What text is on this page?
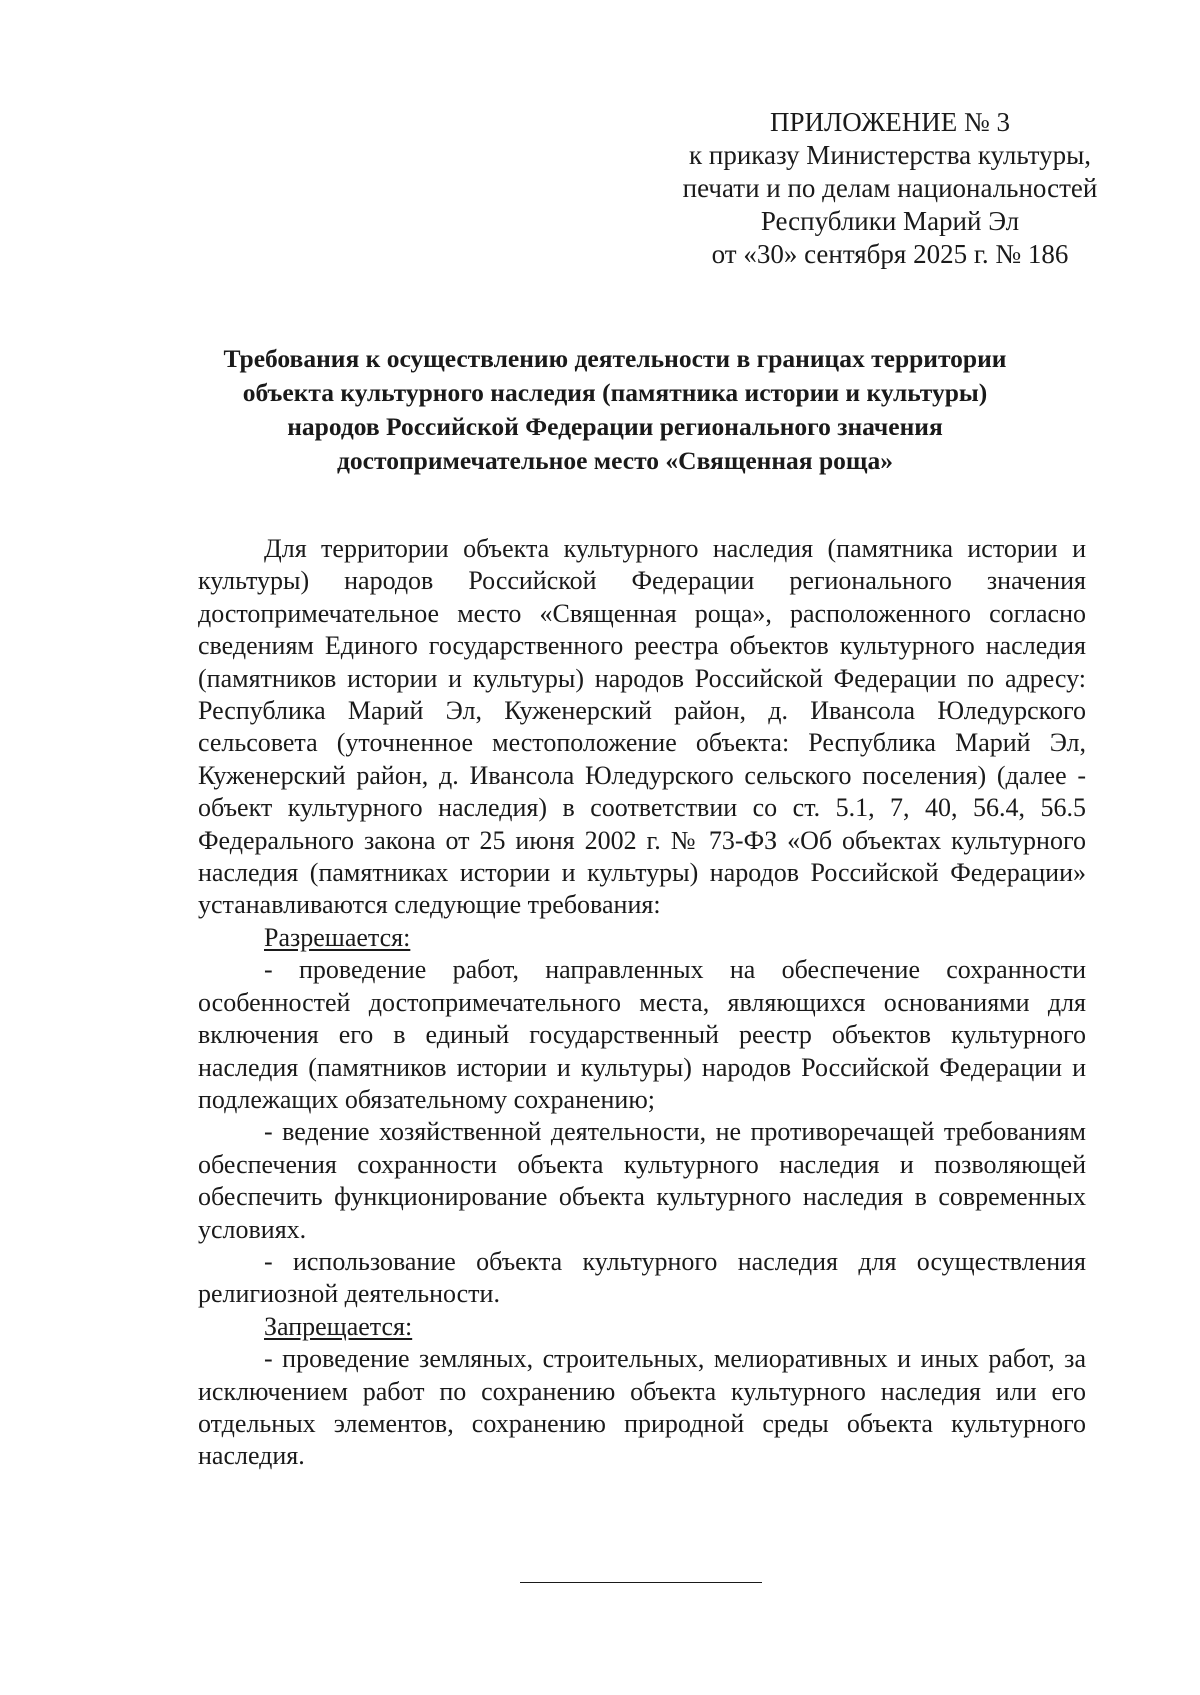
ПРИЛОЖЕНИЕ № 3
к приказу Министерства культуры,
печати и по делам национальностей
Республики Марий Эл
от «30» сентября 2025 г. № 186
Требования к осуществлению деятельности в границах территории
объекта культурного наследия (памятника истории и культуры)
народов Российской Федерации регионального значения
достопримечательное место «Священная роща»

Для территории объекта культурного наследия (памятника истории и культуры) народов Российской Федерации регионального значения достопримечательное место «Священная роща», расположенного согласно сведениям Единого государственного реестра объектов культурного наследия (памятников истории и культуры) народов Российской Федерации по адресу: Республика Марий Эл, Куженерский район, д. Ивансола Юледурского сельсовета (уточненное местоположение объекта: Республика Марий Эл, Куженерский район, д. Ивансола Юледурского сельского поселения) (далее - объект культурного наследия) в соответствии со ст. 5.1, 7, 40, 56.4, 56.5 Федерального закона от 25 июня 2002 г. № 73-ФЗ «Об объектах культурного наследия (памятниках истории и культуры) народов Российской Федерации» устанавливаются следующие требования:

Разрешается:

- проведение работ, направленных на обеспечение сохранности особенностей достопримечательного места, являющихся основаниями для включения его в единый государственный реестр объектов культурного наследия (памятников истории и культуры) народов Российской Федерации и подлежащих обязательному сохранению;

- ведение хозяйственной деятельности, не противоречащей требованиям обеспечения сохранности объекта культурного наследия и позволяющей обеспечить функционирование объекта культурного наследия в современных условиях.

- использование объекта культурного наследия для осуществления религиозной деятельности.

Запрещается:

- проведение земляных, строительных, мелиоративных и иных работ, за исключением работ по сохранению объекта культурного наследия или его отдельных элементов, сохранению природной среды объекта культурного наследия.
